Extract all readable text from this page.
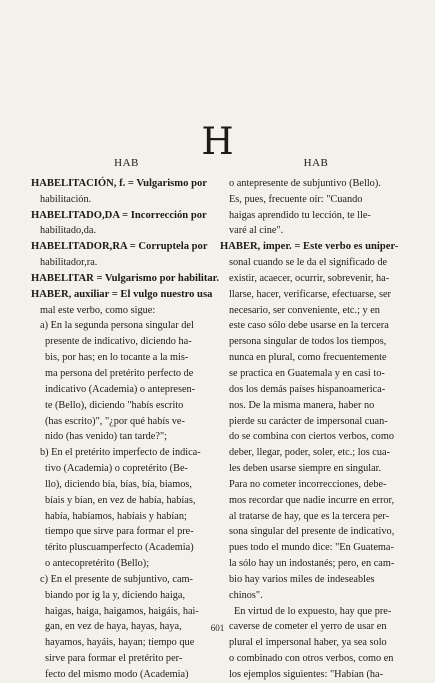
H
HAB
HABELITACIÓN, f. = Vulgarismo por
habilitación.
HABELITADO,DA = Incorrección por
habilitado,da.
HABELITADOR,RA = Corruptela por
habilitador,ra.
HABELITAR = Vulgarismo por habilitar.
HABER, auxiliar = El vulgo nuestro usa
mal este verbo, como sigue:
a) En la segunda persona singular del
presente de indicativo, diciendo ha-
bis, por has; en lo tocante a la mis-
ma persona del pretérito perfecto de
indicativo (Academia) o antepresen-
te (Bello), diciendo "habís escrito
(has escrito)", "¿por qué habís ve-
nido (has venido) tan tarde?";
b) En el pretérito imperfecto de indica-
tivo (Academia) o copretérito (Be-
llo), diciendo bía, bías, bía, biamos,
bíais y bían, en vez de había, habías,
había, habíamos, habíais y habían;
tiempo que sirve para formar el pre-
térito pluscuamperfecto (Academia)
o antecopretérito (Bello);
c) En el presente de subjuntivo, cam-
biando por ig la y, diciendo haiga,
haigas, haiga, haigamos, haigáis, hai-
gan, en vez de haya, hayas, haya,
hayamos, hayáis, hayan; tiempo que
sirve para formar el pretérito per-
fecto del mismo modo (Academia)
HAB
o antepresente de subjuntivo (Bello).
Es, pues, frecuente oír: "Cuando
haigas aprendido tu lección, te lle-
varé al cine".
HABER, imper. = Este verbo es uniper-
sonal cuando se le da el significado de
existir, acaecer, ocurrir, sobrevenir, ha-
llarse, hacer, verificarse, efectuarse, ser
necesario, ser conveniente, etc.; y en
este caso sólo debe usarse en la tercera
persona singular de todos los tiempos,
nunca en plural, como frecuentemente
se practica en Guatemala y en casi to-
dos los demás países hispanoamerica-
nos. De la misma manera, haber no
pierde su carácter de impersonal cuan-
do se combina con ciertos verbos, como
deber, llegar, poder, soler, etc.; los cua-
les deben usarse siempre en singular.
Para no cometer incorrecciones, debe-
mos recordar que nadie incurre en error,
al tratarse de hay, que es la tercera per-
sona singular del presente de indicativo,
pues todo el mundo dice: "En Guatema-
la sólo hay un indostanés; pero, en cam-
bio hay varios miles de indeseables
chinos".
En virtud de lo expuesto, hay que pre-
caverse de cometer el yerro de usar en
plural el impersonal haber, ya sea solo
o combinado con otros verbos, como en
los ejemplos siguientes: "Habían (ha-
601
